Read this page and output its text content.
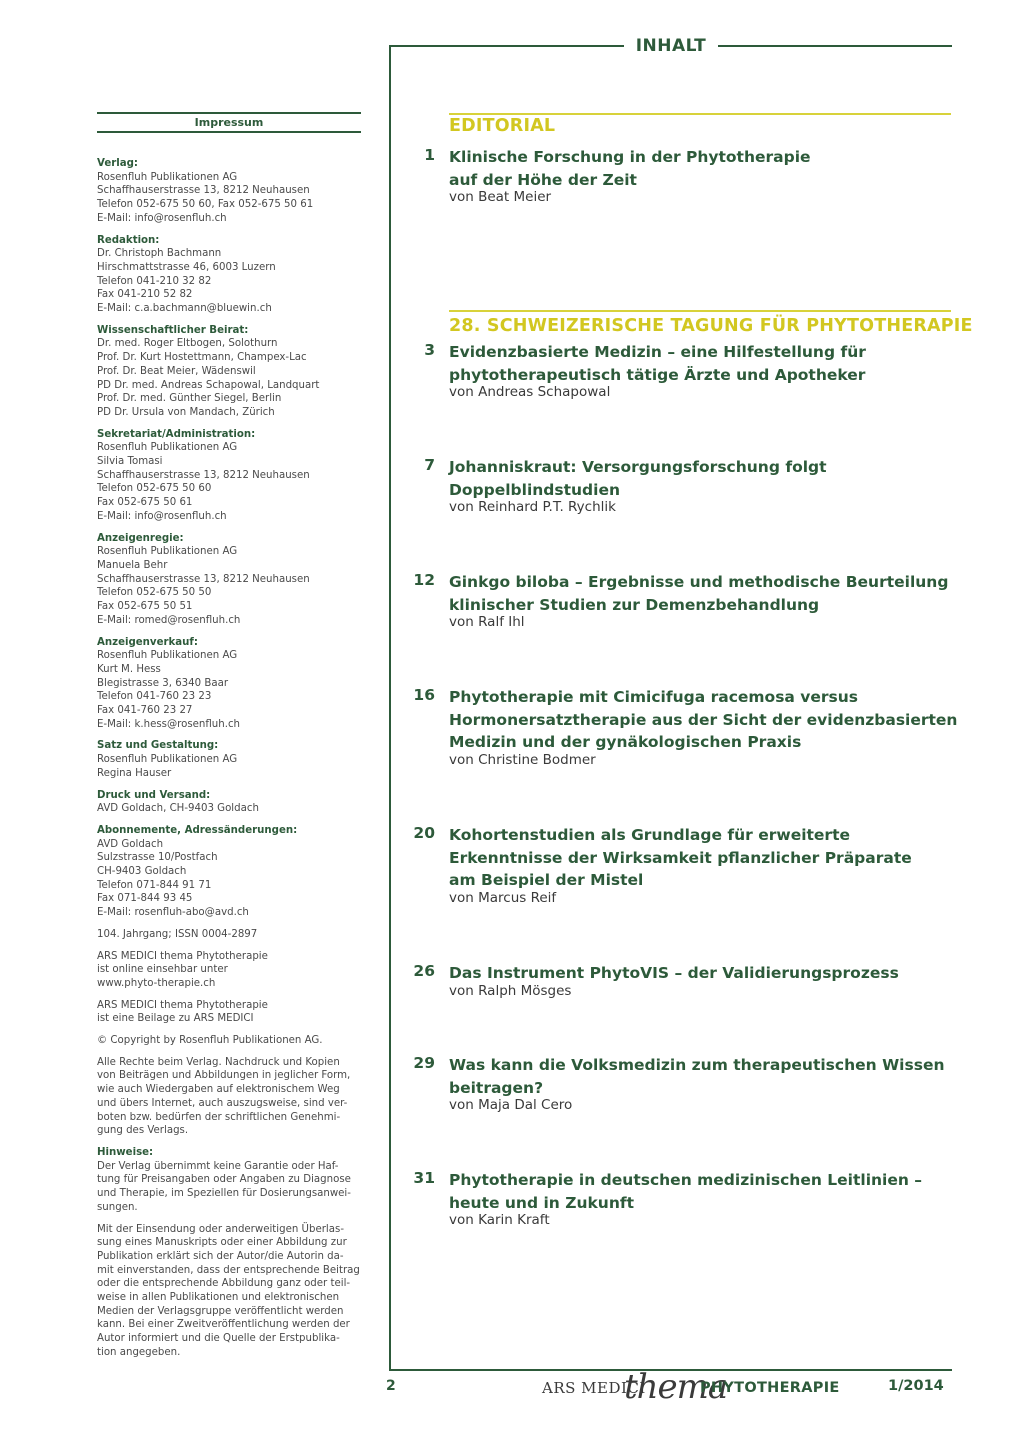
INHALT
Impressum
Verlag:
Rosenfluh Publikationen AG
Schaffhauserstrasse 13, 8212 Neuhausen
Telefon 052-675 50 60, Fax 052-675 50 61
E-Mail: info@rosenfluh.ch
Redaktion:
Dr. Christoph Bachmann
Hirschmattstrasse 46, 6003 Luzern
Telefon 041-210 32 82
Fax 041-210 52 82
E-Mail: c.a.bachmann@bluewin.ch
Wissenschaftlicher Beirat:
Dr. med. Roger Eltbogen, Solothurn
Prof. Dr. Kurt Hostettmann, Champex-Lac
Prof. Dr. Beat Meier, Wädenswil
PD Dr. med. Andreas Schapowal, Landquart
Prof. Dr. med. Günther Siegel, Berlin
PD Dr. Ursula von Mandach, Zürich
Sekretariat/Administration:
Rosenfluh Publikationen AG
Silvia Tomasi
Schaffhauserstrasse 13, 8212 Neuhausen
Telefon 052-675 50 60
Fax 052-675 50 61
E-Mail: info@rosenfluh.ch
Anzeigenregie:
Rosenfluh Publikationen AG
Manuela Behr
Schaffhauserstrasse 13, 8212 Neuhausen
Telefon 052-675 50 50
Fax 052-675 50 51
E-Mail: romed@rosenfluh.ch
Anzeigenverkauf:
Rosenfluh Publikationen AG
Kurt M. Hess
Blegistrasse 3, 6340 Baar
Telefon 041-760 23 23
Fax 041-760 23 27
E-Mail: k.hess@rosenfluh.ch
Satz und Gestaltung:
Rosenfluh Publikationen AG
Regina Hauser
Druck und Versand:
AVD Goldach, CH-9403 Goldach
Abonnemente, Adressänderungen:
AVD Goldach
Sulzstrasse 10/Postfach
CH-9403 Goldach
Telefon 071-844 91 71
Fax 071-844 93 45
E-Mail: rosenfluh-abo@avd.ch
104. Jahrgang; ISSN 0004-2897
ARS MEDICI thema Phytotherapie
ist online einsehbar unter
www.phyto-therapie.ch
ARS MEDICI thema Phytotherapie
ist eine Beilage zu ARS MEDICI
© Copyright by Rosenfluh Publikationen AG.
Alle Rechte beim Verlag. Nachdruck und Kopien
von Beiträgen und Abbildungen in jeglicher Form,
wie auch Wiedergaben auf elektronischem Weg
und übers Internet, auch auszugsweise, sind ver-
boten bzw. bedürfen der schriftlichen Genehmi-
gung des Verlags.
Hinweise:
Der Verlag übernimmt keine Garantie oder Haf-
tung für Preisangaben oder Angaben zu Diagnose
und Therapie, im Speziellen für Dosierungsanwei-
sungen.
Mit der Einsendung oder anderweitigen Überlas-
sung eines Manuskripts oder einer Abbildung zur
Publikation erklärt sich der Autor/die Autorin da-
mit einverstanden, dass der entsprechende Beitrag
oder die entsprechende Abbildung ganz oder teil-
weise in allen Publikationen und elektronischen
Medien der Verlagsgruppe veröffentlicht werden
kann. Bei einer Zweitveröffentlichung werden der
Autor informiert und die Quelle der Erstpublika-
tion angegeben.
EDITORIAL
28. SCHWEIZERISCHE TAGUNG FÜR PHYTOTHERAPIE
1 Klinische Forschung in der Phytotherapie
auf der Höhe der Zeit
von Beat Meier
3 Evidenzbasierte Medizin – eine Hilfestellung für
phytotherapeutisch tätige Ärzte und Apotheker
von Andreas Schapowal
7 Johanniskraut: Versorgungsforschung folgt
Doppelblindstudien
von Reinhard P.T. Rychlik
12 Ginkgo biloba – Ergebnisse und methodische Beurteilung
klinischer Studien zur Demenzbehandlung
von Ralf Ihl
16 Phytotherapie mit Cimicifuga racemosa versus
Hormonersatztherapie aus der Sicht der evidenzbasierten
Medizin und der gynäkologischen Praxis
von Christine Bodmer
20 Kohortenstudien als Grundlage für erweiterte
Erkenntnisse der Wirksamkeit pflanzlicher Präparate
am Beispiel der Mistel
von Marcus Reif
26 Das Instrument PhytoVIS – der Validierungsprozess
von Ralph Mösges
29 Was kann die Volksmedizin zum therapeutischen Wissen
beitragen?
von Maja Dal Cero
31 Phytotherapie in deutschen medizinischen Leitlinien –
heute und in Zukunft
von Karin Kraft
2	ARS MEDICI
thema
PHYTOTHERAPIE	1/2014
